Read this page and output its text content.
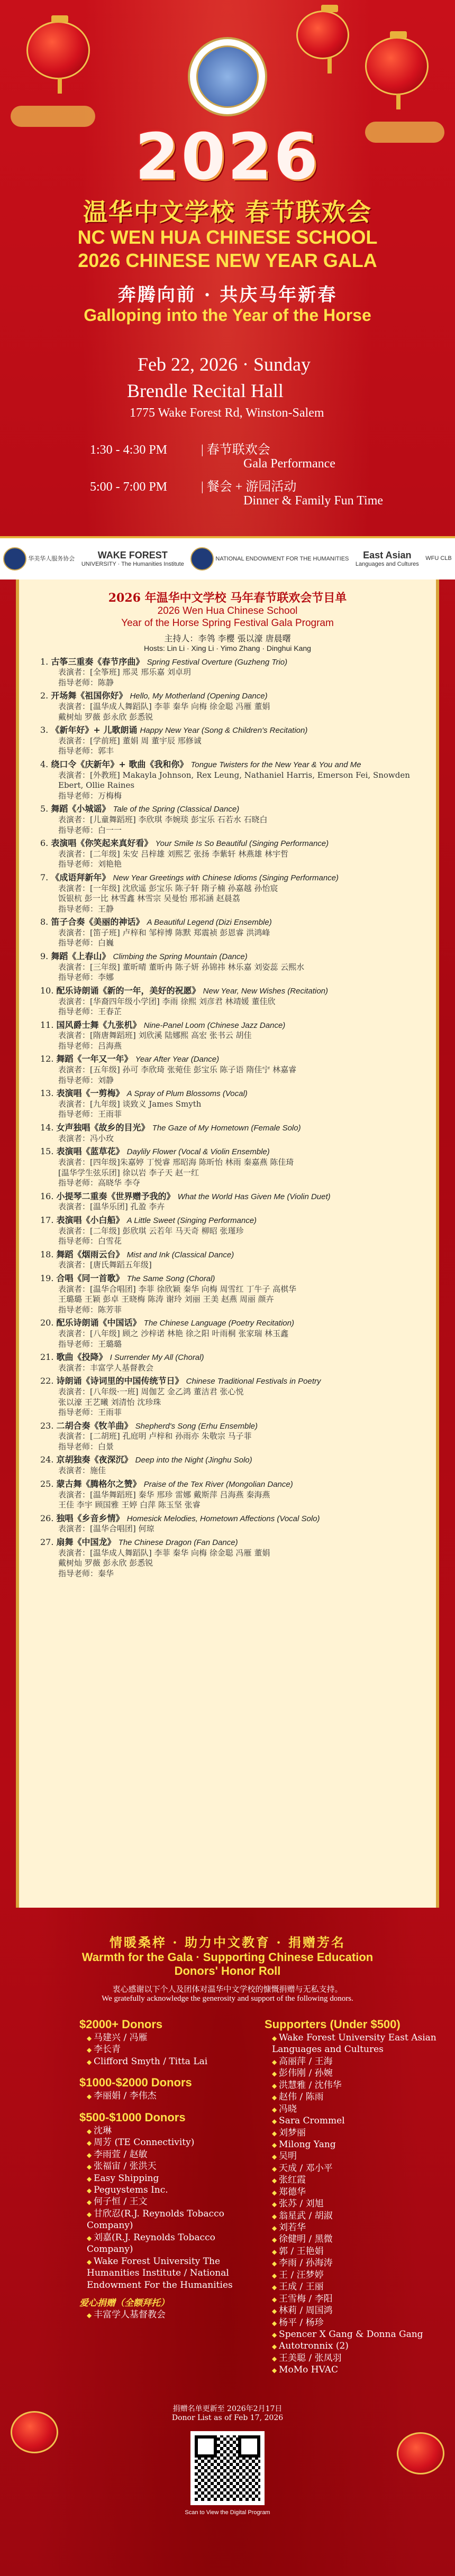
2026
温华中文学校 春节联欢会
NC WEN HUA CHINESE SCHOOL
2026 CHINESE NEW YEAR GALA
奔腾向前 · 共庆马年新春
Galloping into the Year of the Horse
Feb 22, 2026 · Sunday
Brendle Recital Hall
1775 Wake Forest Rd, Winston-Salem
1:30 - 4:30 PM	| 春节联欢会
Gala Performance
5:00 - 7:00 PM	| 餐会 + 游园活动
Dinner & Family Fun Time
华美华人服务协会	WAKE FOREST
UNIVERSITY · The Humanities Institute
NATIONAL ENDOWMENT FOR THE HUMANITIES	East Asian
Languages and Cultures
WFU CLB
2026 年温华中文学校 马年春节联欢会节目单
2026 Wen Hua Chinese School
Year of the Horse Spring Festival Gala Program
主持人：李鸰 李櫻 張以濠 唐晨曙
Hosts: Lin Li · Xing Li · Yimo Zhang · Dinghui Kang
1. 古筝三重奏《春节序曲》 Spring Festival Overture (Guzheng Trio)
表演者：[全筝班] 邢灵 邢乐嘉 刘卓玥
指导老师：陈静
2. 开场舞《祖国你好》 Hello, My Motherland (Opening Dance)
表演者：[温华成人舞蹈队] 李菲 秦华 向梅 徐金聪 冯雁 董娟
戴树灿 罗薇 彭永欣 彭悉锐
3. 《新年好》+ 儿歌朗诵 Happy New Year (Song & Children's Recitation)
表演者：[学前班] 董娟 周 董宇辰 邢修诚
指导老师：郭丰
4. 绕口令《庆新年》+ 歌曲《我和你》 Tongue Twisters for the New Year & You and Me
表演者：[外教班] Makayla Johnson, Rex Leung, Nathaniel Harris, Emerson Fei, Snowden Ebert, Ollie Raines
指导老师：万梅梅
5. 舞蹈《小城谣》 Tale of the Spring (Classical Dance)
表演者：[儿童舞蹈班] 李欣琪 李婉琰 彭宝乐 石若水 石晓白
指导老师：白一一
6. 表演唱《你笑起来真好看》 Your Smile Is So Beautiful (Singing Performance)
表演者：[二年级] 朱安 吕梓雄 刘熙艺 张扬 李紫轩 林燕雄 林宇哲
指导老师：刘艳艳
7. 《成语拜新年》 New Year Greetings with Chinese Idioms (Singing Performance)
表演者：[一年级] 沈欣遥 彭宝乐 陈子轩 隋子楠 孙嘉越 孙怡宸
饭银杭 彭一比 林雪鑫 林雪宗 吴曼怡 邢祁涵 赵晨荔
指导老师：王静
8. 笛子合奏《美丽的神话》 A Beautiful Legend (Dizi Ensemble)
表演者：[笛子班] 卢梓和 邹梓博 陈默 郑震祯 彭恩睿 洪鸿峰
指导老师：白巍
9. 舞蹈《上春山》 Climbing the Spring Mountain (Dance)
表演者：[三年级] 董昕晴 董昕冉 陈子妍 孙锦祎 林乐嘉 刘姿蕊 云熙水
指导老师：李娜
10. 配乐诗朗诵《新的一年，美好的祝愿》 New Year, New Wishes (Recitation)
表演者：[华裔四年级小学团] 李雨 徐熙 刘彦君 林靖媛 董佳欣
指导老师：王春芷
11. 国风爵士舞《九张机》 Nine-Panel Loom (Chinese Jazz Dance)
表演者：[隋唐舞蹈班] 刘欣溪 陆娜熙 高宏 张书云 胡佳
指导老师：吕海燕
12. 舞蹈《一年又一年》 Year After Year (Dance)
表演者：[五年级] 孙可 李欣琦 张菀佳 彭宝乐 陈子语 隋佳宁 林嘉睿
指导老师：刘静
13. 表演唱《一剪梅》 A Spray of Plum Blossoms (Vocal)
表演者：[九年级] 谈致义 James Smyth
指导老师：王雨菲
14. 女声独唱《故乡的目光》 The Gaze of My Hometown (Female Solo)
表演者：冯小玫
15. 表演唱《蓝草花》 Daylily Flower (Vocal & Violin Ensemble)
表演者：[四年级]朱嘉婷 丁悦睿 邢昭海 陈昕怡 林雨 秦嘉燕 陈佳琦
[温华学生弦乐团] 徐以岩 李子天 赵一红
指导老师：高晓华 李夺
16. 小提琴二重奏《世界赠予我的》 What the World Has Given Me (Violin Duet)
表演者：[温华乐团] 孔盈 李卉
17. 表演唱《小白船》 A Little Sweet (Singing Performance)
表演者：[二年级] 彭欣琪 云若年 马天奇 柳昭 张瑾珍
指导老师：白雪花
18. 舞蹈《烟雨云台》 Mist and Ink (Classical Dance)
表演者：[唐氏舞蹈五年级]
19. 合唱《同一首歌》 The Same Song (Choral)
表演者：[温华合唱团] 李菲 徐欣颖 秦华 向梅 周雪红 丁牛子 高棋华
王璐璐 王颖 彭卓 王晓梅 陈涛 谢玲 刘丽 王美 赵燕 周丽 颜卉
指导老师：陈芳菲
20. 配乐诗朗诵《中国话》 The Chinese Language (Poetry Recitation)
表演者：[八年级] 顾之 沙梓诺 林艳 徐之阳 叶雨桐 张家瑞 林玉鑫
指导老师：王璐璐
21. 歌曲《投降》 I Surrender My All (Choral)
表演者：丰富学人基督教会
22. 诗朗诵《诗词里的中国传统节日》 Chinese Traditional Festivals in Poetry
表演者：[八年级·一班] 周伽艺 金乙鸿 董洁君 张心悦
张以濠 王艺曦 刘清怡 沈珍珠
指导老师：王雨菲
23. 二胡合奏《牧羊曲》 Shepherd's Song (Erhu Ensemble)
表演者：[二胡班] 孔庭明 卢梓和 孙雨亦 朱敬宗 马子菲
指导老师：白景
24. 京胡独奏《夜深沉》 Deep into the Night (Jinghu Solo)
表演者：施佳
25. 蒙古舞《腾格尔之赞》 Praise of the Tex River (Mongolian Dance)
表演者：[温华舞蹈班] 秦华 邢珍 雷娜 戴斯萍 吕海燕 秦海燕
王佳 李宇 顾国雅 王婷 白萍 陈玉坚 张睿
26. 独唱《乡音乡情》 Homesick Melodies, Hometown Affections (Vocal Solo)
表演者：[温华合唱团] 何琼
27. 扇舞《中国龙》 The Chinese Dragon (Fan Dance)
表演者：[温华成人舞蹈队] 李菲 秦华 向梅 徐金聪 冯雁 董娟
戴树灿 罗薇 彭永欣 彭悉锐
指导老师：秦华
情暖桑梓 · 助力中文教育 · 捐赠芳名
Warmth for the Gala · Supporting Chinese Education
Donors' Honor Roll
衷心感谢以下个人及团体对温华中文学校的慷慨捐赠与无私支持。
We gratefully acknowledge the generosity and support of the following donors.
$2000+ Donors
◆ 马建兴 / 冯雁
◆ 李长青
◆ Clifford Smyth / Titta Lai
$1000-$2000 Donors
◆ 李丽娟 / 李伟杰
$500-$1000 Donors
◆ 沈琳
◆ 周芳 (TE Connectivity)
◆ 李雨萱 / 赵敏
◆ 张福宙 / 张洪天
◆ Easy Shipping
◆ Peguystems Inc.
◆ 何子恒 / 王文
◆ 甘欣忍(R.J. Reynolds Tobacco Company)
◆ 刘嘉(R.J. Reynolds Tobacco Company)
◆ Wake Forest University The Humanities Institute / National Endowment For the Humanities
爱心捐赠（全额拜托）
◆ 丰富学人基督教会
Supporters (Under $500)
◆ Wake Forest University East Asian Languages and Cultures
◆ 高丽萍 / 王海
◆ 彭伟刚 / 孙婉
◆ 洪慧雅 / 沈伟华
◆ 赵伟 / 陈雨
◆ 冯晓
◆ Sara Crommel
◆ 刘梦丽
◆ Milong Yang
◆ 吴明
◆ 天成 / 邓小平
◆ 张红霞
◆ 郑德华
◆ 张苏 / 刘旭
◆ 翁星武 / 胡淑
◆ 刘若华
◆ 徐健明 / 黑微
◆ 郭 / 王艳娟
◆ 李雨 / 孙海涛
◆ 王 / 汪梦婷
◆ 王成 / 王丽
◆ 王雪梅 / 李阳
◆ 林莉 / 周国鸿
◆ 杨平 / 杨珍
◆ Spencer X Gang & Donna Gang
◆ Autotronnix (2)
◆ 王美聪 / 张凤羽
◆ MoMo HVAC
捐赠名单更新至 2026年2月17日
Donor List as of Feb 17, 2026
Scan to View the Digital Program
